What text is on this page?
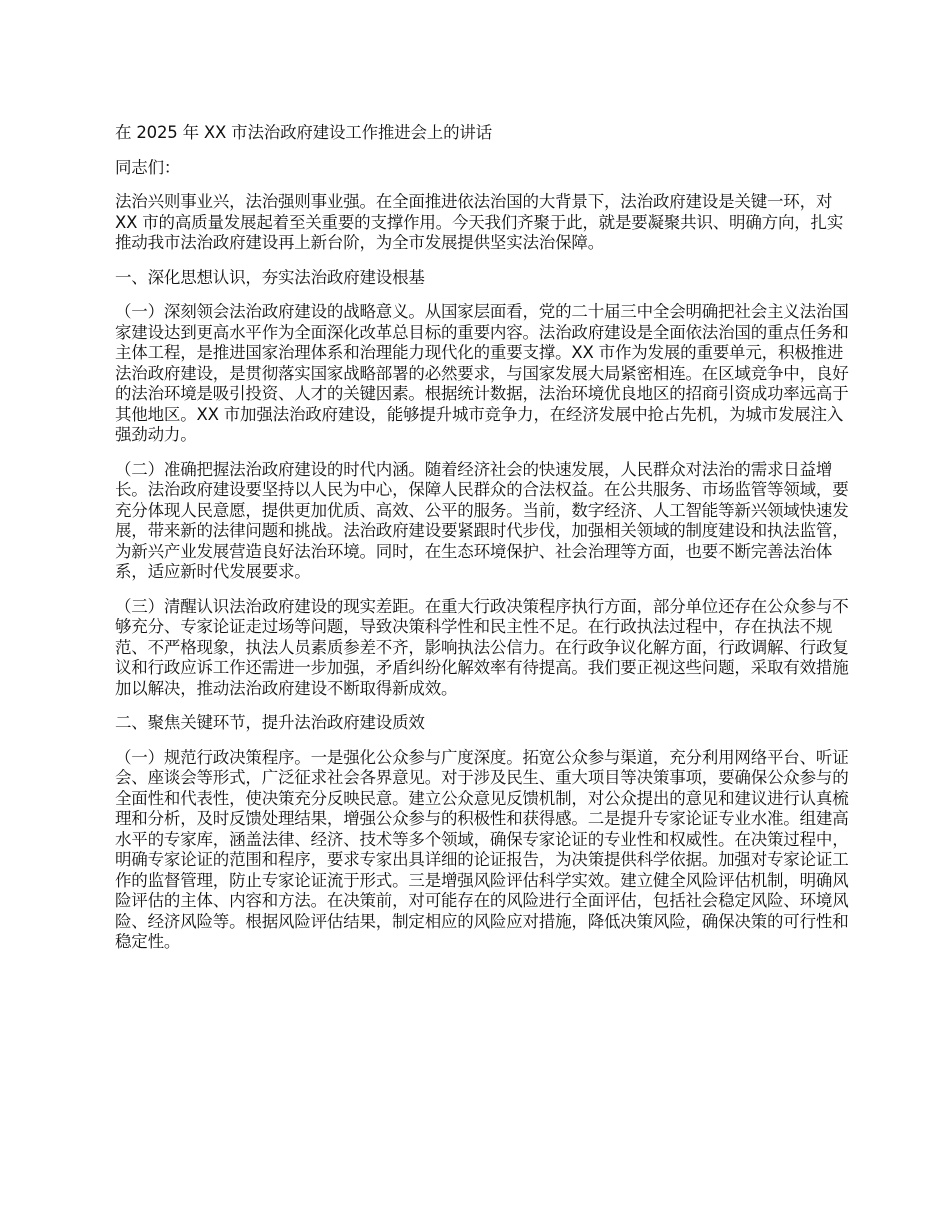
在 2025 年 XX 市法治政府建设工作推进会上的讲话

同志们：

法治兴则事业兴，法治强则事业强。在全面推进依法治国的大背景下，法治政府建设是关键一环，对 XX 市的高质量发展起着至关重要的支撑作用。今天我们齐聚于此，就是要凝聚共识、明确方向，扎实推动我市法治政府建设再上新台阶，为全市发展提供坚实法治保障。

一、深化思想认识，夯实法治政府建设根基

（一）深刻领会法治政府建设的战略意义。从国家层面看，党的二十届三中全会明确把社会主义法治国家建设达到更高水平作为全面深化改革总目标的重要内容。法治政府建设是全面依法治国的重点任务和主体工程，是推进国家治理体系和治理能力现代化的重要支撑。XX 市作为发展的重要单元，积极推进法治政府建设，是贯彻落实国家战略部署的必然要求，与国家发展大局紧密相连。在区域竞争中，良好的法治环境是吸引投资、人才的关键因素。根据统计数据，法治环境优良地区的招商引资成功率远高于其他地区。XX 市加强法治政府建设，能够提升城市竞争力，在经济发展中抢占先机，为城市发展注入强劲动力。

（二）准确把握法治政府建设的时代内涵。随着经济社会的快速发展，人民群众对法治的需求日益增长。法治政府建设要坚持以人民为中心，保障人民群众的合法权益。在公共服务、市场监管等领域，要充分体现人民意愿，提供更加优质、高效、公平的服务。当前，数字经济、人工智能等新兴领域快速发展，带来新的法律问题和挑战。法治政府建设要紧跟时代步伐，加强相关领域的制度建设和执法监管，为新兴产业发展营造良好法治环境。同时，在生态环境保护、社会治理等方面，也要不断完善法治体系，适应新时代发展要求。

（三）清醒认识法治政府建设的现实差距。在重大行政决策程序执行方面，部分单位还存在公众参与不够充分、专家论证走过场等问题，导致决策科学性和民主性不足。在行政执法过程中，存在执法不规范、不严格现象，执法人员素质参差不齐，影响执法公信力。在行政争议化解方面，行政调解、行政复议和行政应诉工作还需进一步加强，矛盾纠纷化解效率有待提高。我们要正视这些问题，采取有效措施加以解决，推动法治政府建设不断取得新成效。

二、聚焦关键环节，提升法治政府建设质效

（一）规范行政决策程序。一是强化公众参与广度深度。拓宽公众参与渠道，充分利用网络平台、听证会、座谈会等形式，广泛征求社会各界意见。对于涉及民生、重大项目等决策事项，要确保公众参与的全面性和代表性，使决策充分反映民意。建立公众意见反馈机制，对公众提出的意见和建议进行认真梳理和分析，及时反馈处理结果，增强公众参与的积极性和获得感。二是提升专家论证专业水准。组建高水平的专家库，涵盖法律、经济、技术等多个领域，确保专家论证的专业性和权威性。在决策过程中，明确专家论证的范围和程序，要求专家出具详细的论证报告，为决策提供科学依据。加强对专家论证工作的监督管理，防止专家论证流于形式。三是增强风险评估科学实效。建立健全风险评估机制，明确风险评估的主体、内容和方法。在决策前，对可能存在的风险进行全面评估，包括社会稳定风险、环境风险、经济风险等。根据风险评估结果，制定相应的风险应对措施，降低决策风险，确保决策的可行性和稳定性。
